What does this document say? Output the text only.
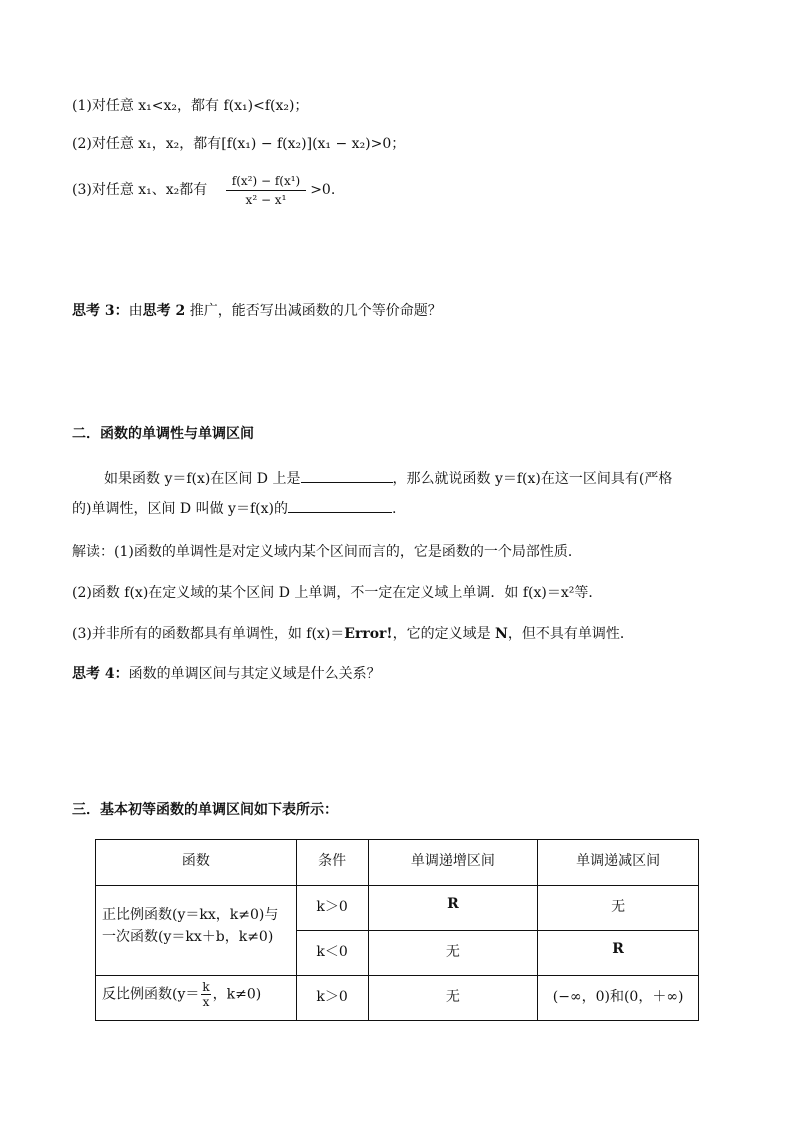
(1)对任意 x₁<x₂，都有 f(x₁)<f(x₂)；
(2)对任意 x₁，x₂，都有[f(x₁) − f(x₂)](x₁ − x₂)>0；
(3)对任意 x₁、x₂都有 $\frac{\text{f(x²) − f(x¹)}}{\text{x² − x¹}} >0$.
思考 3：由思考 2 推广，能否写出减函数的几个等价命题？
二．函数的单调性与单调区间
如果函数 y＝f(x)在区间 D 上是	，那么就说函数 y＝f(x)在这一区间具有(严格
的)单调性，区间 D 叫做 y＝f(x)的	.
解读：(1)函数的单调性是对定义域内某个区间而言的，它是函数的一个局部性质．
(2)函数 f(x)在定义域的某个区间 D 上单调，不一定在定义域上单调．如 f(x)＝x²等．
(3)并非所有的函数都具有单调性，如 f(x)＝Error!，它的定义域是 N，但不具有单调性．
思考 4：函数的单调区间与其定义域是什么关系？
三．基本初等函数的单调区间如下表所示：
函数	条件	单调递增区间	单调递减区间

正比例函数(y＝kx，k≠0)与
一次函数(y＝kx＋b，k≠0)	k＞0	R	无

	k＜0	无	R

反比例函数($y= \frac{k}{x}$ ，k≠0)	k＞0	无	(−∞，0)和(0，＋∞)
